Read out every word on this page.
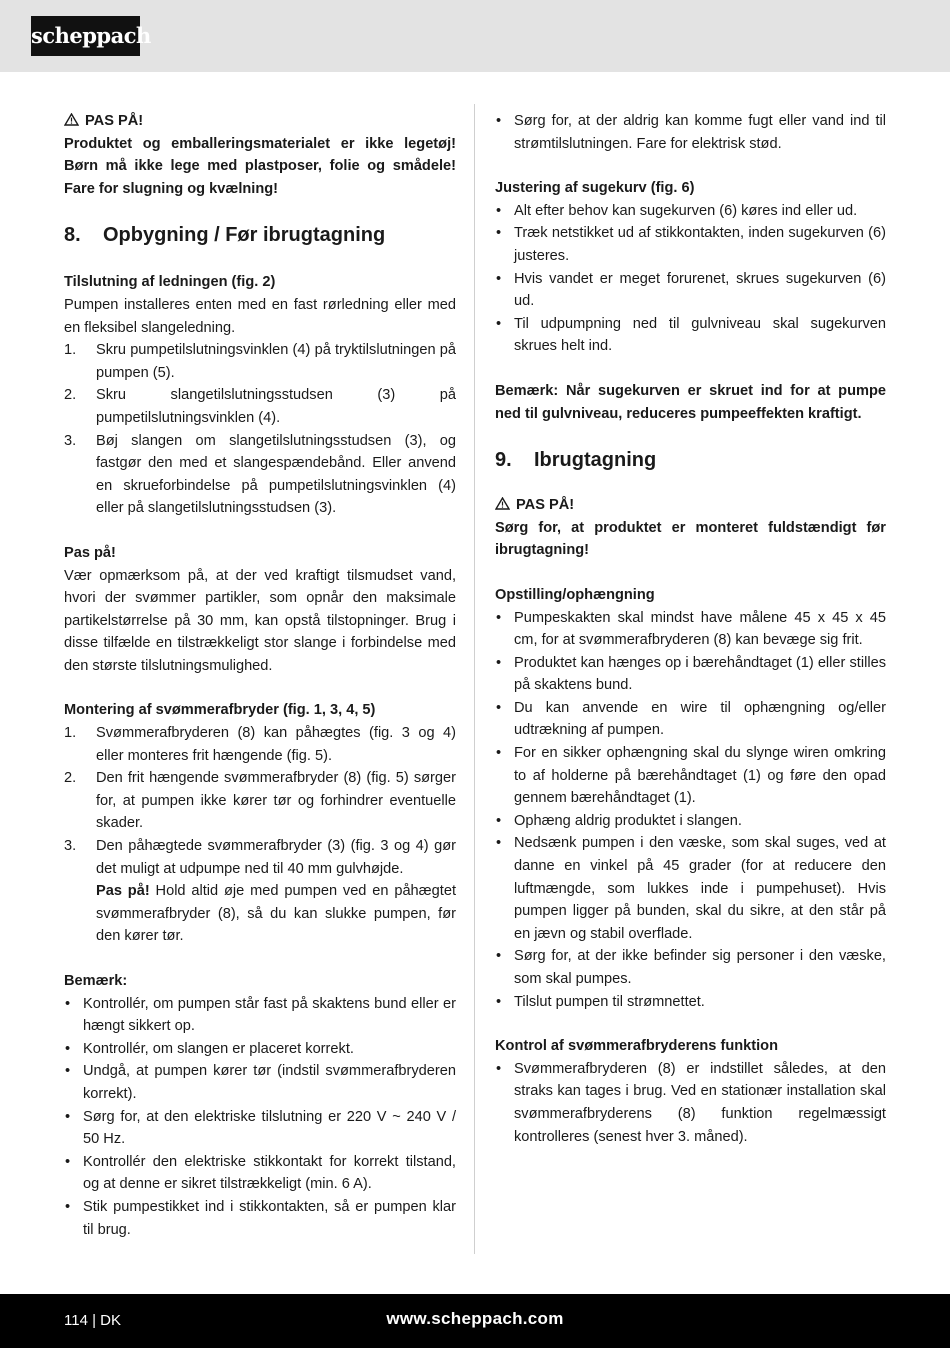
scheppach

PAS PÅ!

Produktet og emballeringsmaterialet er ikke legetøj! Børn må ikke lege med plastposer, folie og smådele! Fare for slugning og kvælning!

8.	Opbygning / Før ibrugtagning

Tilslutning af ledningen (fig. 2)

Pumpen installeres enten med en fast rørledning eller med en fleksibel slangeledning.

1. Skru pumpetilslutningsvinklen (4) på tryktilslutningen på pumpen (5).
2. Skru slangetilslutningsstudsen (3) på pumpetilslutningsvinklen (4).
3. Bøj slangen om slangetilslutningsstudsen (3), og fastgør den med et slangespændebånd. Eller anvend en skrueforbindelse på pumpetilslutningsvinklen (4) eller på slangetilslutningsstudsen (3).

Pas på!

Vær opmærksom på, at der ved kraftigt tilsmudset vand, hvori der svømmer partikler, som opnår den maksimale partikelstørrelse på 30 mm, kan opstå tilstopninger. Brug i disse tilfælde en tilstrækkeligt stor slange i forbindelse med den største tilslutningsmulighed.

Montering af svømmerafbryder (fig. 1, 3, 4, 5)

1. Svømmerafbryderen (8) kan påhægtes (fig. 3 og 4) eller monteres frit hængende (fig. 5).
2. Den frit hængende svømmerafbryder (8) (fig. 5) sørger for, at pumpen ikke kører tør og forhindrer eventuelle skader.
3. Den påhægtede svømmerafbryder (3) (fig. 3 og 4) gør det muligt at udpumpe ned til 40 mm gulvhøjde.
Pas på! Hold altid øje med pumpen ved en påhægtet svømmerafbryder (8), så du kan slukke pumpen, før den kører tør.

Bemærk:

• Kontrollér, om pumpen står fast på skaktens bund eller er hængt sikkert op.
• Kontrollér, om slangen er placeret korrekt.
• Undgå, at pumpen kører tør (indstil svømmerafbryderen korrekt).
• Sørg for, at den elektriske tilslutning er 220 V ~ 240 V / 50 Hz.
• Kontrollér den elektriske stikkontakt for korrekt tilstand, og at denne er sikret tilstrækkeligt (min. 6 A).
• Stik pumpestikket ind i stikkontakten, så er pumpen klar til brug.
• Sørg for, at der aldrig kan komme fugt eller vand ind til strømtilslutningen. Fare for elektrisk stød.

Justering af sugekurv (fig. 6)

• Alt efter behov kan sugekurven (6) køres ind eller ud.
• Træk netstikket ud af stikkontakten, inden sugekurven (6) justeres.
• Hvis vandet er meget forurenet, skrues sugekurven (6) ud.
• Til udpumpning ned til gulvniveau skal sugekurven skrues helt ind.

Bemærk: Når sugekurven er skruet ind for at pumpe ned til gulvniveau, reduceres pumpeeffekten kraftigt.

9.	Ibrugtagning

PAS PÅ!

Sørg for, at produktet er monteret fuldstændigt før ibrugtagning!

Opstilling/ophængning

• Pumpeskakten skal mindst have målene 45 x 45 x 45 cm, for at svømmerafbryderen (8) kan bevæge sig frit.
• Produktet kan hænges op i bærehåndtaget (1) eller stilles på skaktens bund.
• Du kan anvende en wire til ophængning og/eller udtrækning af pumpen.
• For en sikker ophængning skal du slynge wiren omkring to af holderne på bærehåndtaget (1) og føre den opad gennem bærehåndtaget (1).
• Ophæng aldrig produktet i slangen.
• Nedsænk pumpen i den væske, som skal suges, ved at danne en vinkel på 45 grader (for at reducere den luftmængde, som lukkes inde i pumpehuset). Hvis pumpen ligger på bunden, skal du sikre, at den står på en jævn og stabil overflade.
• Sørg for, at der ikke befinder sig personer i den væske, som skal pumpes.
• Tilslut pumpen til strømnettet.

Kontrol af svømmerafbryderens funktion

• Svømmerafbryderen (8) er indstillet således, at den straks kan tages i brug. Ved en stationær installation skal svømmerafbryderens (8) funktion regelmæssigt kontrolleres (senest hver 3. måned).
114 | DK	www.scheppach.com
